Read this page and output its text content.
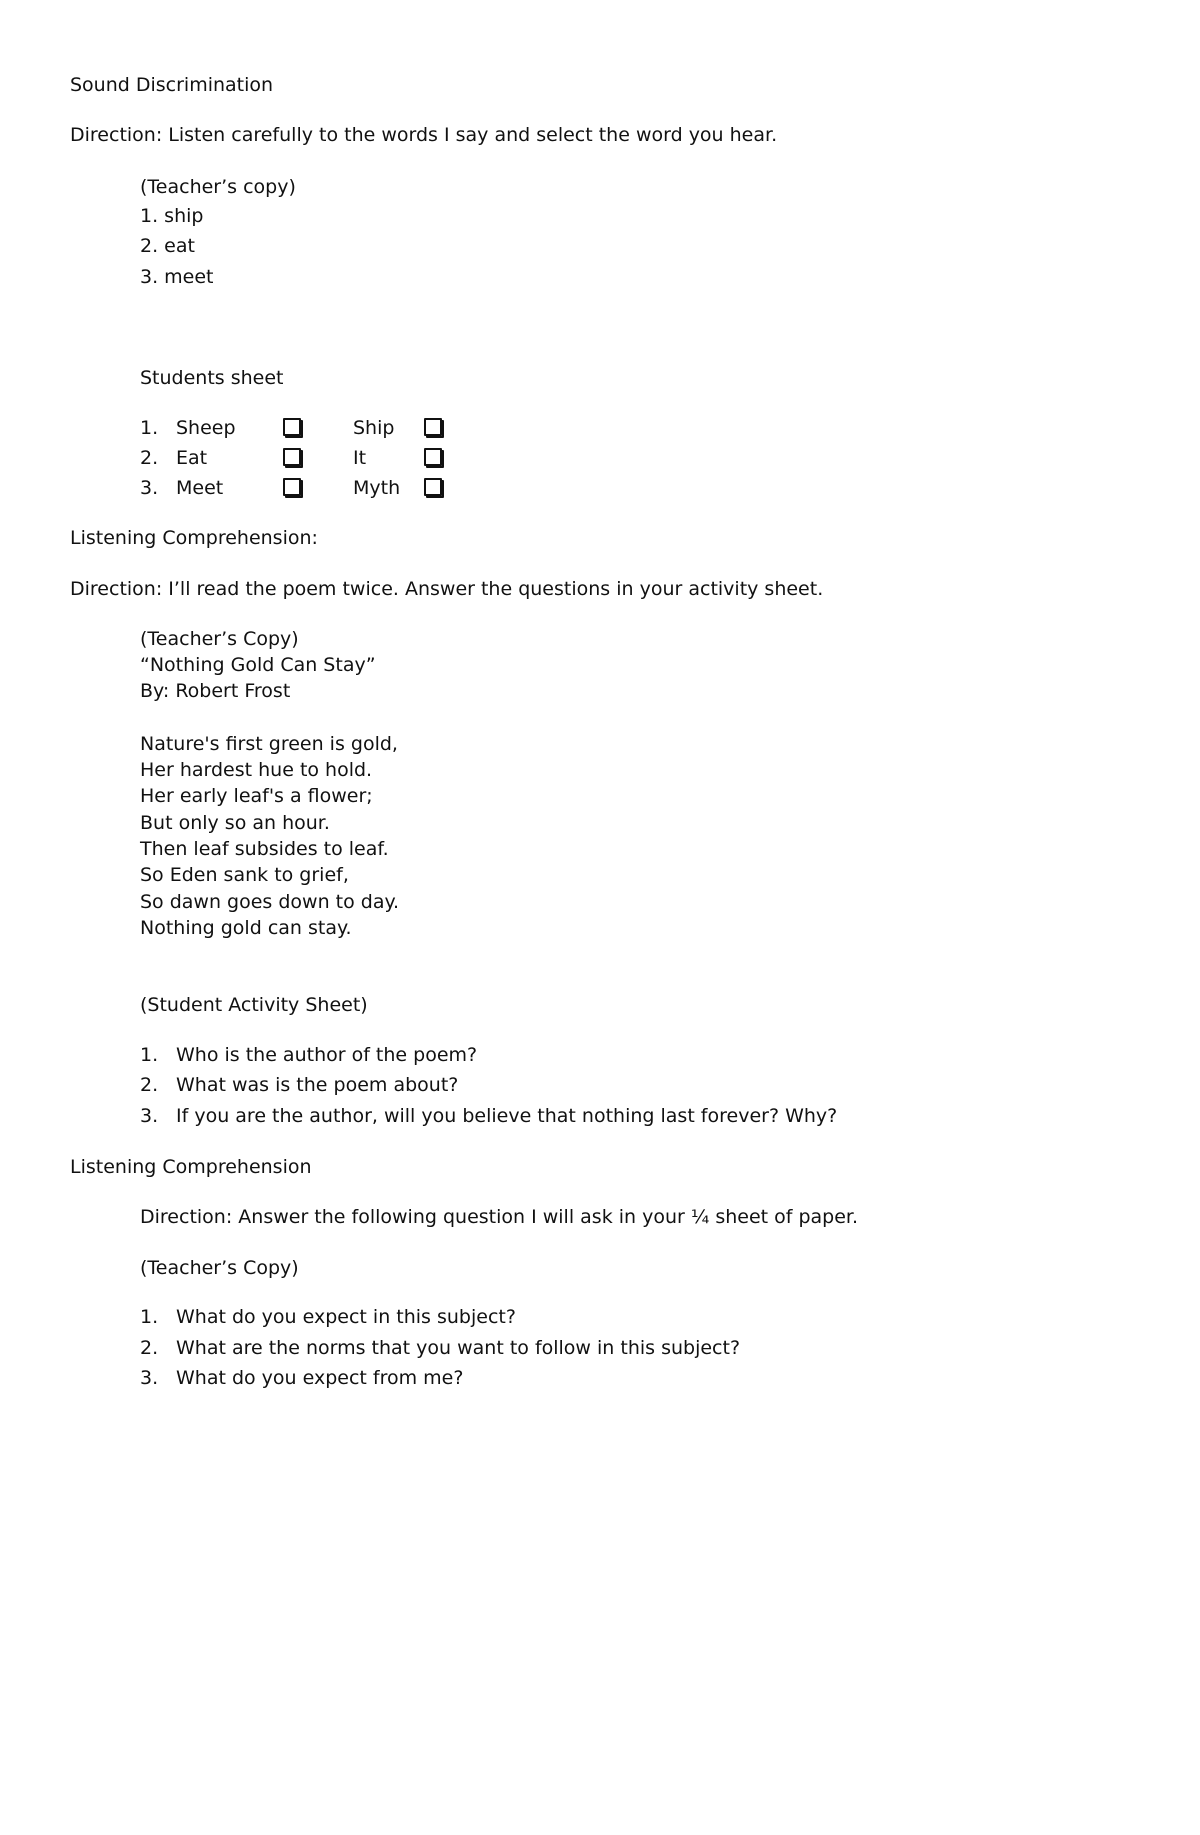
Sound Discrimination
Direction: Listen carefully to the words I say and select the word you hear.
(Teacher’s copy)
1. ship
2. eat
3. meet
Students sheet
1. Sheep	Ship
2. Eat	It
3. Meet	Myth
Listening Comprehension:
Direction: I’ll read the poem twice. Answer the questions in your activity sheet.
(Teacher’s Copy)
“Nothing Gold Can Stay”
By: Robert Frost
Nature's first green is gold,
Her hardest hue to hold.
Her early leaf's a flower;
But only so an hour.
Then leaf subsides to leaf.
So Eden sank to grief,
So dawn goes down to day.
Nothing gold can stay.
(Student Activity Sheet)
1. Who is the author of the poem?
2. What was is the poem about?
3. If you are the author, will you believe that nothing last forever? Why?
Listening Comprehension
Direction: Answer the following question I will ask in your ¼ sheet of paper.
(Teacher’s Copy)
1. What do you expect in this subject?
2. What are the norms that you want to follow in this subject?
3. What do you expect from me?
